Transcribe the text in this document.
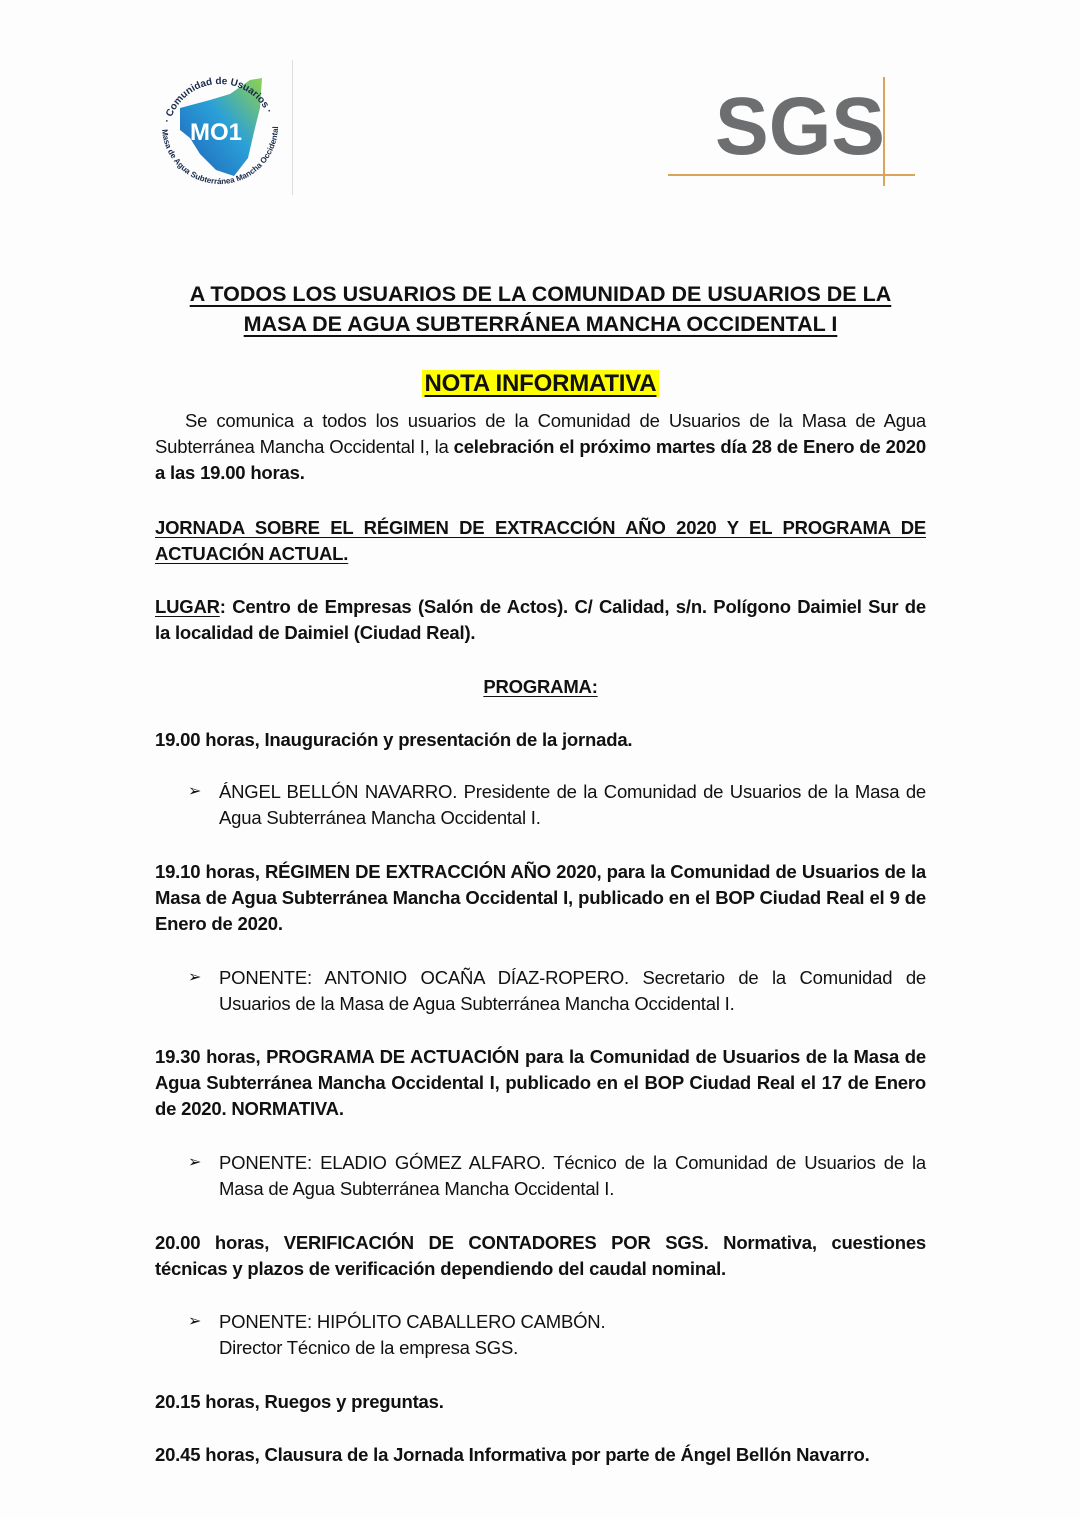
MO1
· Comunidad de Usuarios ·
Masa de Agua Subterránea Mancha Occidental	SGS
A TODOS LOS USUARIOS DE LA COMUNIDAD DE USUARIOS DE LA
MASA DE AGUA SUBTERRÁNEA MANCHA OCCIDENTAL I
NOTA INFORMATIVA
Se comunica a todos los usuarios de la Comunidad de Usuarios de la Masa de Agua Subterránea Mancha Occidental I, la celebración el próximo martes día 28 de Enero de 2020 a las 19.00 horas.
JORNADA SOBRE EL RÉGIMEN DE EXTRACCIÓN AÑO 2020 Y EL PROGRAMA DE ACTUACIÓN ACTUAL.
LUGAR: Centro de Empresas (Salón de Actos). C/ Calidad, s/n. Polígono Daimiel Sur de la localidad de Daimiel (Ciudad Real).
PROGRAMA:
19.00 horas, Inauguración y presentación de la jornada.
➢ ÁNGEL BELLÓN NAVARRO. Presidente de la Comunidad de Usuarios de la Masa de Agua Subterránea Mancha Occidental I.
19.10 horas, RÉGIMEN DE EXTRACCIÓN AÑO 2020, para la Comunidad de Usuarios de la Masa de Agua Subterránea Mancha Occidental I, publicado en el BOP Ciudad Real el 9 de Enero de 2020.
➢ PONENTE: ANTONIO OCAÑA DÍAZ-ROPERO. Secretario de la Comunidad de Usuarios de la Masa de Agua Subterránea Mancha Occidental I.
19.30 horas, PROGRAMA DE ACTUACIÓN para la Comunidad de Usuarios de la Masa de Agua Subterránea Mancha Occidental I, publicado en el BOP Ciudad Real el 17 de Enero de 2020. NORMATIVA.
➢ PONENTE: ELADIO GÓMEZ ALFARO. Técnico de la Comunidad de Usuarios de la Masa de Agua Subterránea Mancha Occidental I.
20.00 horas, VERIFICACIÓN DE CONTADORES POR SGS. Normativa, cuestiones técnicas y plazos de verificación dependiendo del caudal nominal.
➢ PONENTE: HIPÓLITO CABALLERO CAMBÓN.
Director Técnico de la empresa SGS.
20.15 horas, Ruegos y preguntas.
20.45 horas, Clausura de la Jornada Informativa por parte de Ángel Bellón Navarro.
